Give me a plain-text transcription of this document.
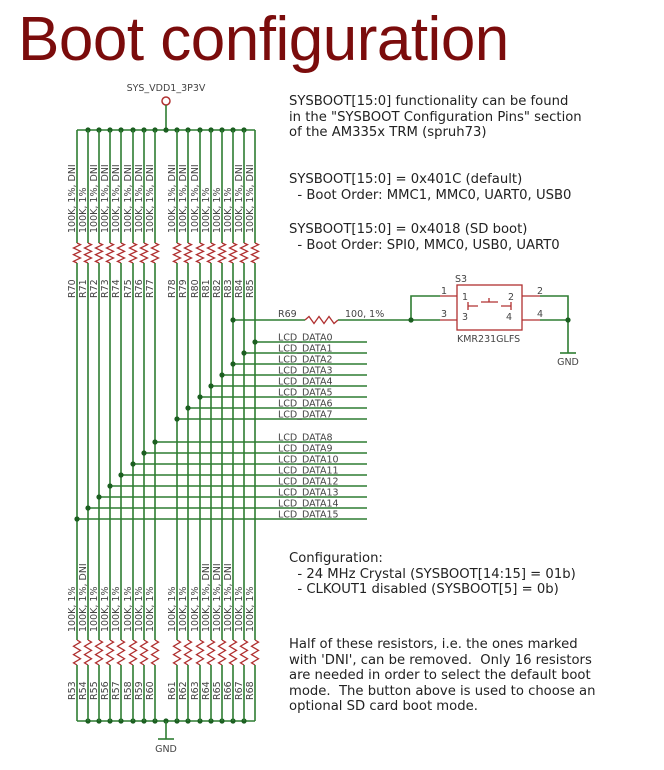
Boot configuration
SYS_VDD1_3P3V
GND
100K, 1%, DNI
R70
100K, 1%
R53
100K, 1%
R71
100K, 1%, DNI
R54
100K, 1%, DNI
R72
100K, 1%
R55
100K, 1%, DNI
R73
100K, 1%
R56
100K, 1%, DNI
R74
100K, 1%
R57
100K, 1%, DNI
R75
100K, 1%
R58
100K, 1%, DNI
R76
100K, 1%
R59
100K, 1%, DNI
R77
100K, 1%
R60
100K, 1%, DNI
R78
100K, 1%
R61
100K, 1%, DNI
R79
100K, 1%
R62
100K, 1%, DNI
R80
100K, 1%
R63
100K, 1%
R81
100K, 1%, DNI
R64
100K, 1%
R82
100K, 1%, DNI
R65
100K, 1%
R83
100K, 1%, DNI
R66
100K, 1%, DNI
R84
100K, 1%
R67
100K, 1%, DNI
R85
100K, 1%
R68
LCD_DATA0
LCD_DATA1
LCD_DATA2
LCD_DATA3
LCD_DATA4
LCD_DATA5
LCD_DATA6
LCD_DATA7
LCD_DATA8
LCD_DATA9
LCD_DATA10
LCD_DATA11
LCD_DATA12
LCD_DATA13
LCD_DATA14
LCD_DATA15
R69	100, 1%
S3
KMR231GLFS
1
1
2
2
3 3	4
4
GND
SYSBOOT[15:0] functionality can be found
in the "SYSBOOT Configuration Pins" section
of the AM335x TRM (spruh73)
SYSBOOT[15:0] = 0x401C (default)
- Boot Order: MMC1, MMC0, UART0, USB0
SYSBOOT[15:0] = 0x4018 (SD boot)
- Boot Order: SPI0, MMC0, USB0, UART0
Configuration:
- 24 MHz Crystal (SYSBOOT[14:15] = 01b)
- CLKOUT1 disabled (SYSBOOT[5] = 0b)
Half of these resistors, i.e. the ones marked
with 'DNI', can be removed.  Only 16 resistors
are needed in order to select the default boot
mode.  The button above is used to choose an
optional SD card boot mode.
